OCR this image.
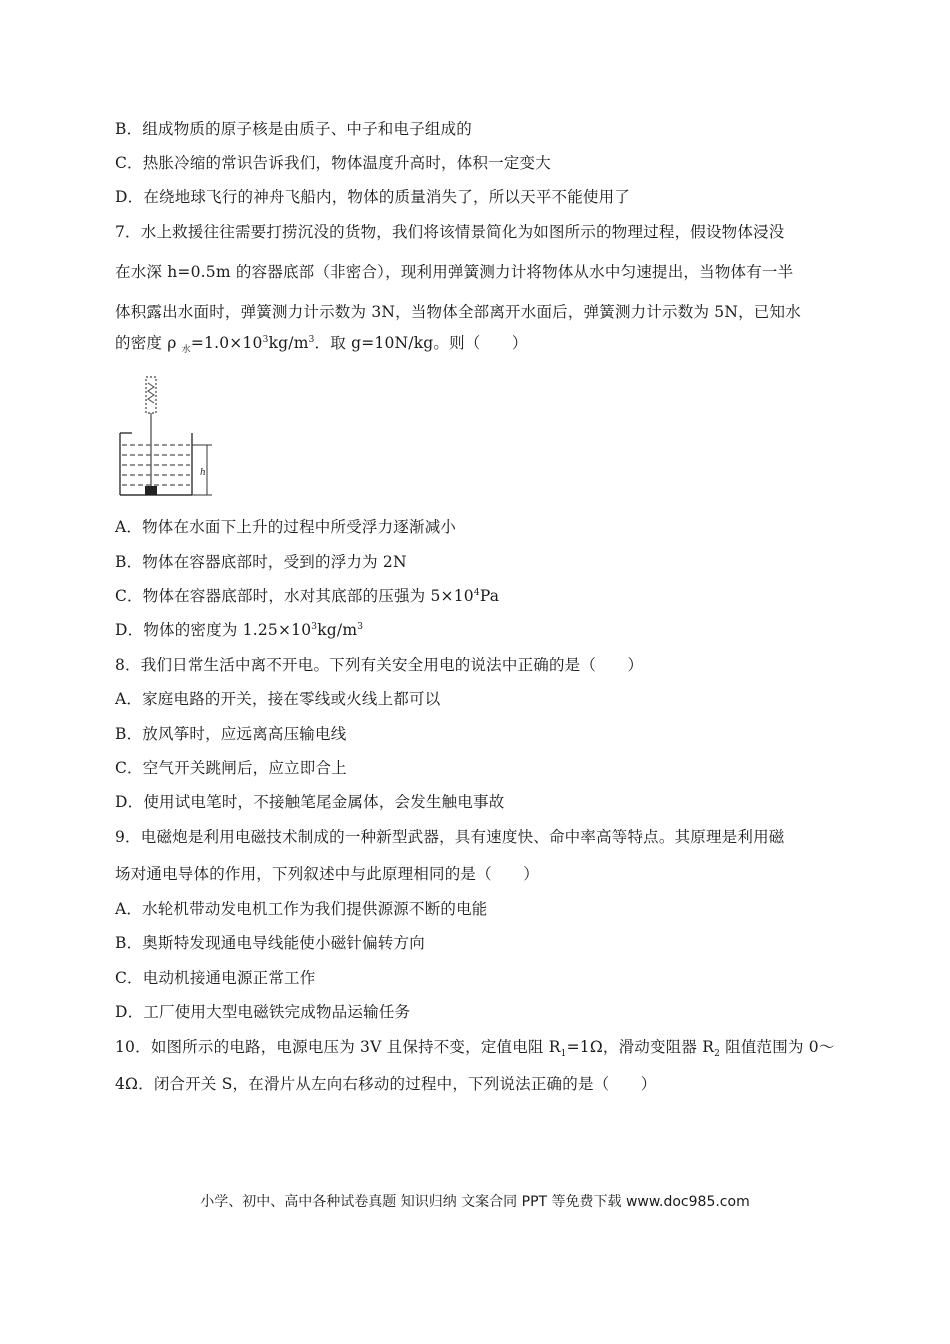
B．组成物质的原子核是由质子、中子和电子组成的
C．热胀冷缩的常识告诉我们，物体温度升高时，体积一定变大
D．在绕地球飞行的神舟飞船内，物体的质量消失了，所以天平不能使用了
7．水上救援往往需要打捞沉没的货物，我们将该情景简化为如图所示的物理过程，假设物体浸没
在水深 h=0.5m 的容器底部（非密合），现利用弹簧测力计将物体从水中匀速提出，当物体有一半
体积露出水面时，弹簧测力计示数为 3N，当物体全部离开水面后，弹簧测力计示数为 5N，已知水
的密度 ρ $_水=1.0\times 10^3kg/m^3$．取 g=10N/kg。则（　　）
h
A．物体在水面下上升的过程中所受浮力逐渐减小
B．物体在容器底部时，受到的浮力为 2N
C．物体在容器底部时，水对其底部的压强为 $5\times 10^4Pa$
D．物体的密度为 $1.25\times 10^3kg/m^3$
8．我们日常生活中离不开电。下列有关安全用电的说法中正确的是（　　）
A．家庭电路的开关，接在零线或火线上都可以
B．放风筝时，应远离高压输电线
C．空气开关跳闸后，应立即合上
D．使用试电笔时，不接触笔尾金属体，会发生触电事故
9．电磁炮是利用电磁技术制成的一种新型武器，具有速度快、命中率高等特点。其原理是利用磁
场对通电导体的作用，下列叙述中与此原理相同的是（　　）
A．水轮机带动发电机工作为我们提供源源不断的电能
B．奥斯特发现通电导线能使小磁针偏转方向
C．电动机接通电源正常工作
D．工厂使用大型电磁铁完成物品运输任务
10．如图所示的电路，电源电压为 3V 且保持不变，定值电阻 $R_1=1\Omega$，滑动变阻器 $R_2$ 阻值范围为 0～
4Ω．闭合开关 S，在滑片从左向右移动的过程中，下列说法正确的是（　　）
小学、初中、高中各种试卷真题 知识归纳 文案合同 PPT 等免费下载 www.doc985.com
